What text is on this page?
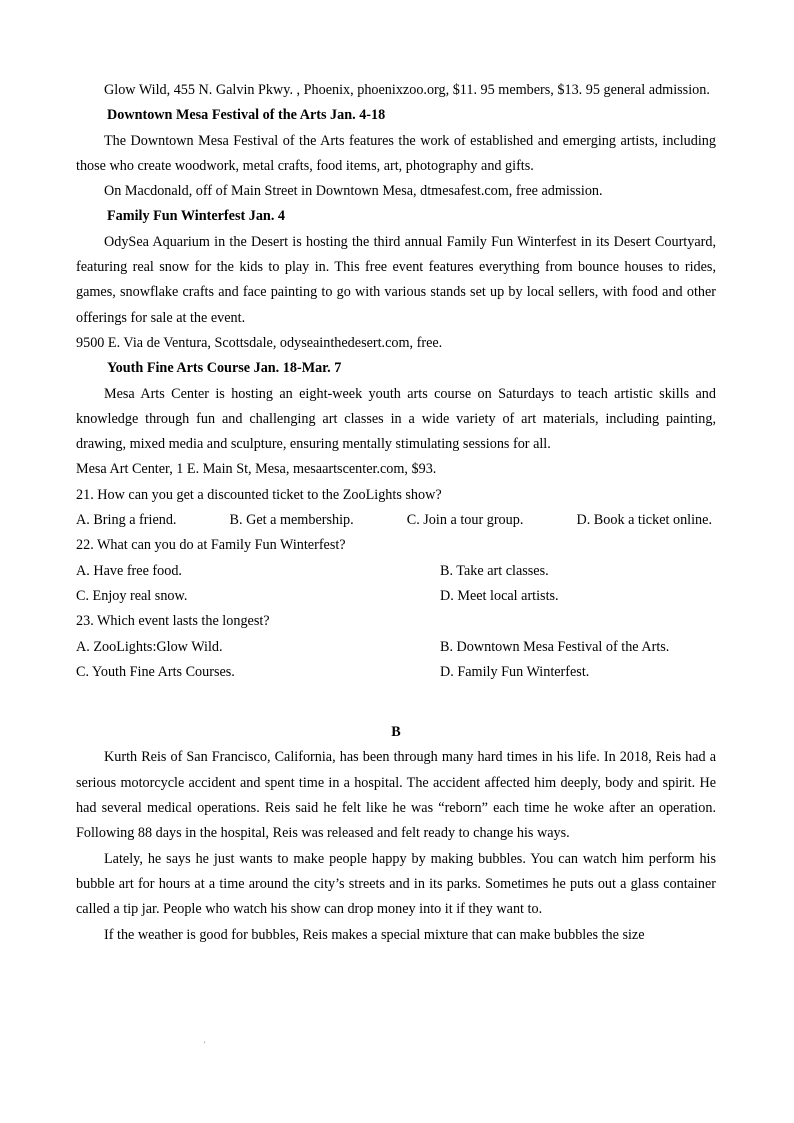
Glow Wild, 455 N. Galvin Pkwy. , Phoenix, phoenixzoo.org, $11. 95 members, $13. 95 general admission.

Downtown Mesa Festival of the Arts Jan. 4-18

The Downtown Mesa Festival of the Arts features the work of established and emerging artists, including those who create woodwork, metal crafts, food items, art, photography and gifts.

On Macdonald, off of Main Street in Downtown Mesa, dtmesafest.com, free admission.

Family Fun Winterfest Jan. 4

OdySea Aquarium in the Desert is hosting the third annual Family Fun Winterfest in its Desert Courtyard, featuring real snow for the kids to play in. This free event features everything from bounce houses to rides, games, snowflake crafts and face painting to go with various stands set up by local sellers, with food and other offerings for sale at the event.

9500 E. Via de Ventura, Scottsdale, odyseainthedesert.com, free.

Youth Fine Arts Course Jan. 18-Mar. 7

Mesa Arts Center is hosting an eight-week youth arts course on Saturdays to teach artistic skills and knowledge through fun and challenging art classes in a wide variety of art materials, including painting, drawing, mixed media and sculpture, ensuring mentally stimulating sessions for all.

Mesa Art Center, 1 E. Main St, Mesa, mesaartscenter.com, $93.

21. How can you get a discounted ticket to the ZooLights show?

A. Bring a friend.	B. Get a membership.	C. Join a tour group.	D. Book a ticket online.

22. What can you do at Family Fun Winterfest?

A. Have free food.	B. Take art classes.
C. Enjoy real snow.	D. Meet local artists.

23. Which event lasts the longest?

A. ZooLights:Glow Wild.	B. Downtown Mesa Festival of the Arts.
C. Youth Fine Arts Courses.	D. Family Fun Winterfest.

B

Kurth Reis of San Francisco, California, has been through many hard times in his life. In 2018, Reis had a serious motorcycle accident and spent time in a hospital. The accident affected him deeply, body and spirit. He had several medical operations. Reis said he felt like he was “reborn” each time he woke after an operation. Following 88 days in the hospital, Reis was released and felt ready to change his ways.

Lately, he says he just wants to make people happy by making bubbles. You can watch him perform his bubble art for hours at a time around the city’s streets and in its parks. Sometimes he puts out a glass container called a tip jar. People who watch his show can drop money into it if they want to.

If the weather is good for bubbles, Reis makes a special mixture that can make bubbles the size

'
